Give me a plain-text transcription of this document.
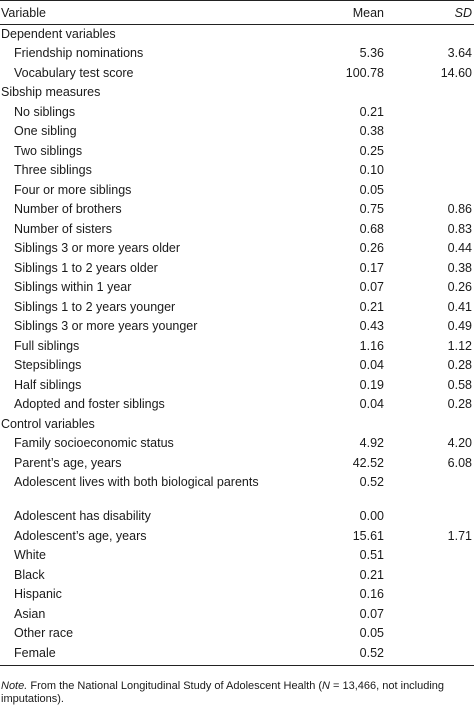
Variable	Mean	SD
Dependent variables		
Friendship nominations	5.36	3.64
Vocabulary test score	100.78	14.60
Sibship measures		
No siblings	0.21	
One sibling	0.38	
Two siblings	0.25	
Three siblings	0.10	
Four or more siblings	0.05	
Number of brothers	0.75	0.86
Number of sisters	0.68	0.83
Siblings 3 or more years older	0.26	0.44
Siblings 1 to 2 years older	0.17	0.38
Siblings within 1 year	0.07	0.26
Siblings 1 to 2 years younger	0.21	0.41
Siblings 3 or more years younger	0.43	0.49
Full siblings	1.16	1.12
Stepsiblings	0.04	0.28
Half siblings	0.19	0.58
Adopted and foster siblings	0.04	0.28
Control variables		
Family socioeconomic status	4.92	4.20
Parent’s age, years	42.52	6.08
Adolescent lives with both biological parents	0.52	
Adolescent has disability	0.00	
Adolescent’s age, years	15.61	1.71
White	0.51	
Black	0.21	
Hispanic	0.16	
Asian	0.07	
Other race	0.05	
Female	0.52	
Note. From the National Longitudinal Study of Adolescent Health (N = 13,466, not including imputations).
